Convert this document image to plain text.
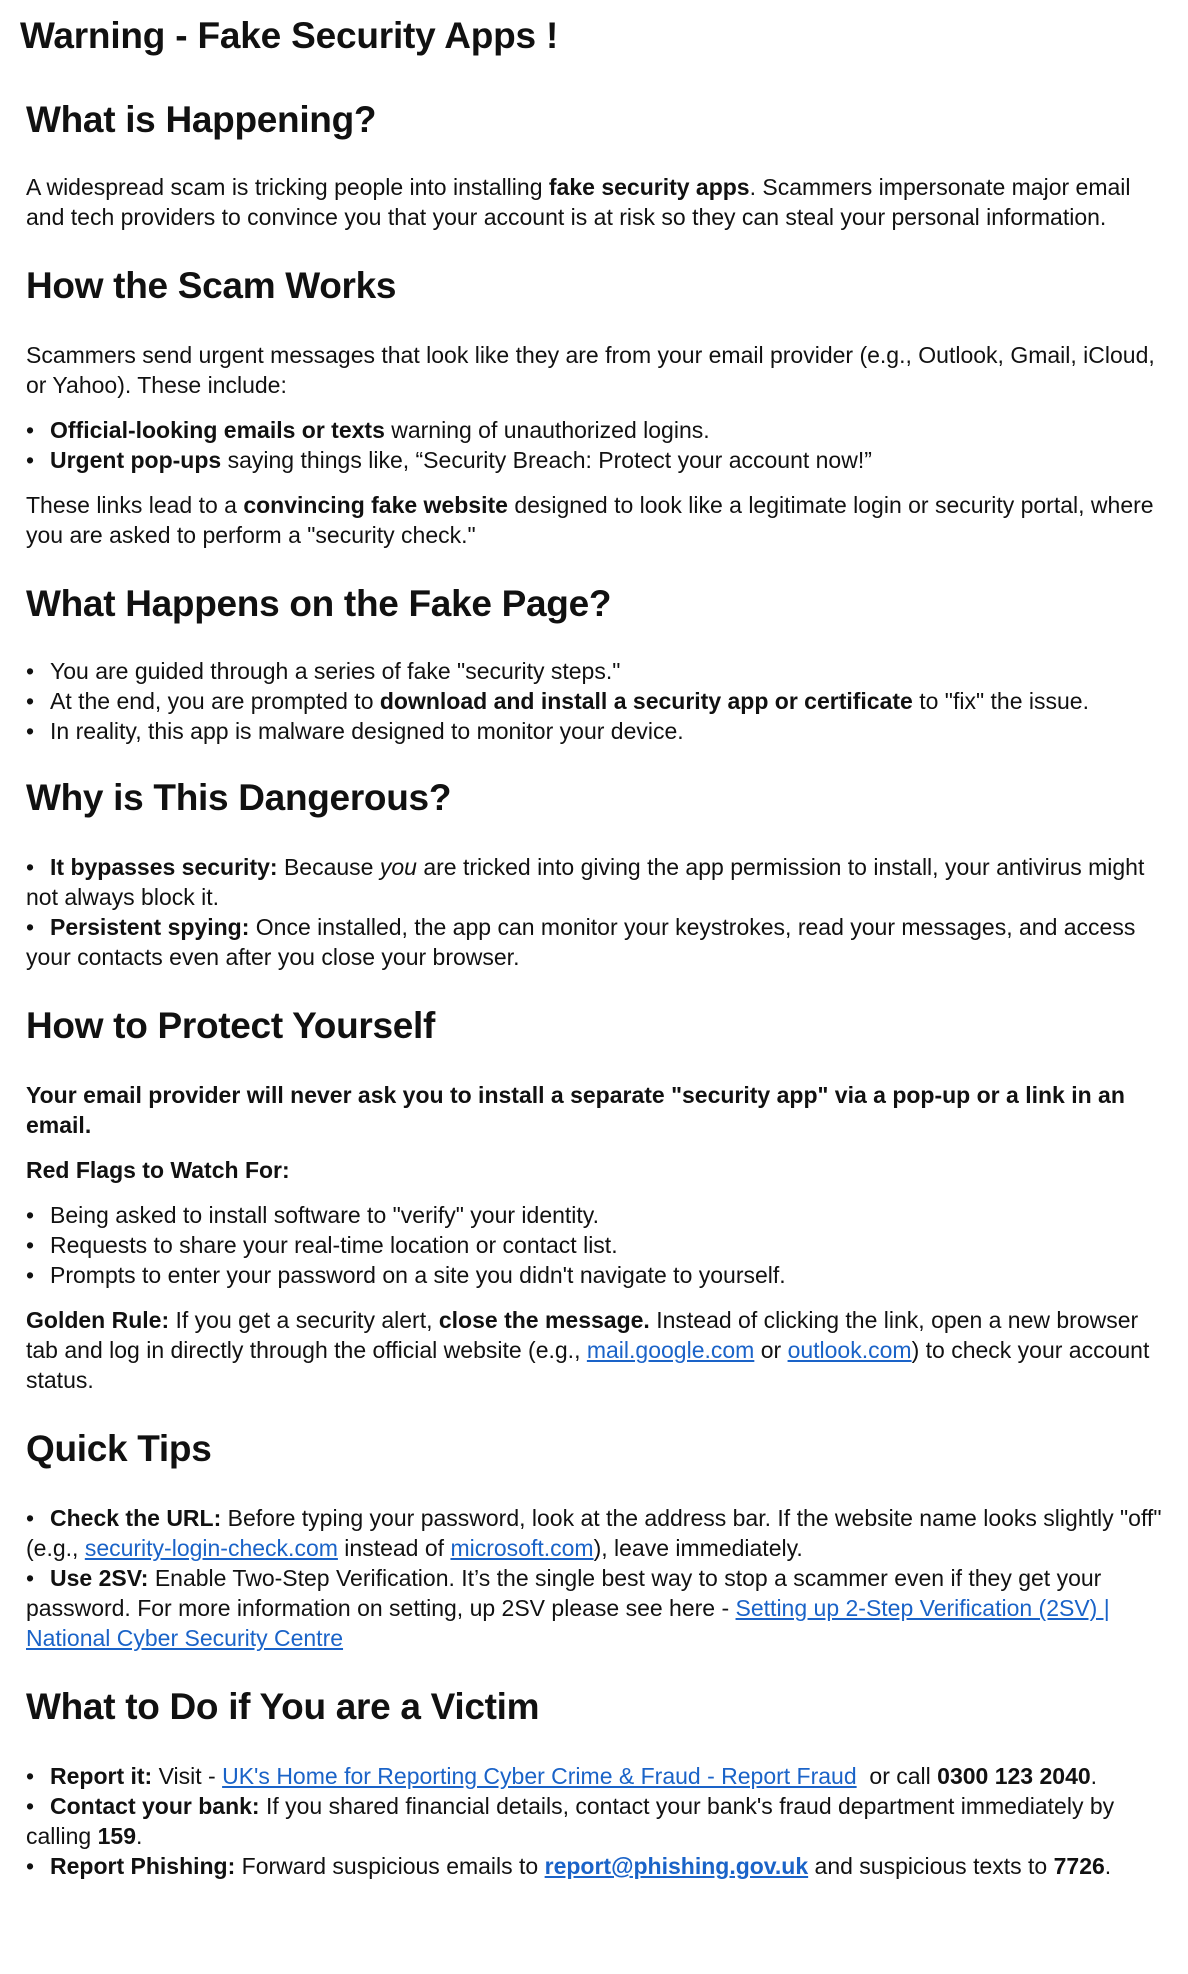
Warning - Fake Security Apps !
What is Happening?

A widespread scam is tricking people into installing fake security apps. Scammers impersonate major email and tech providers to convince you that your account is at risk so they can steal your personal information.

How the Scam Works

Scammers send urgent messages that look like they are from your email provider (e.g., Outlook, Gmail, iCloud, or Yahoo). These include:

• Official-looking emails or texts warning of unauthorized logins.
• Urgent pop-ups saying things like, “Security Breach: Protect your account now!”

These links lead to a convincing fake website designed to look like a legitimate login or security portal, where you are asked to perform a "security check."

What Happens on the Fake Page?
• You are guided through a series of fake "security steps."
• At the end, you are prompted to download and install a security app or certificate to "fix" the issue.
• In reality, this app is malware designed to monitor your device.
Why is This Dangerous?
• It bypasses security: Because you are tricked into giving the app permission to install, your antivirus might not always block it.
• Persistent spying: Once installed, the app can monitor your keystrokes, read your messages, and access your contacts even after you close your browser.
How to Protect Yourself

Your email provider will never ask you to install a separate "security app" via a pop-up or a link in an email.

Red Flags to Watch For:

• Being asked to install software to "verify" your identity.
• Requests to share your real-time location or contact list.
• Prompts to enter your password on a site you didn't navigate to yourself.

Golden Rule: If you get a security alert, close the message. Instead of clicking the link, open a new browser tab and log in directly through the official website (e.g., mail.google.com or outlook.com) to check your account status.

Quick Tips
• Check the URL: Before typing your password, look at the address bar. If the website name looks slightly "off" (e.g., security-login-check.com instead of microsoft.com), leave immediately.
• Use 2SV: Enable Two-Step Verification. It’s the single best way to stop a scammer even if they get your password. For more information on setting, up 2SV please see here - Setting up 2-Step Verification (2SV) | National Cyber Security Centre
What to Do if You are a Victim
• Report it: Visit - UK's Home for Reporting Cyber Crime & Fraud - Report Fraud  or call 0300 123 2040.
• Contact your bank: If you shared financial details, contact your bank's fraud department immediately by calling 159.
• Report Phishing: Forward suspicious emails to report@phishing.gov.uk and suspicious texts to 7726.
